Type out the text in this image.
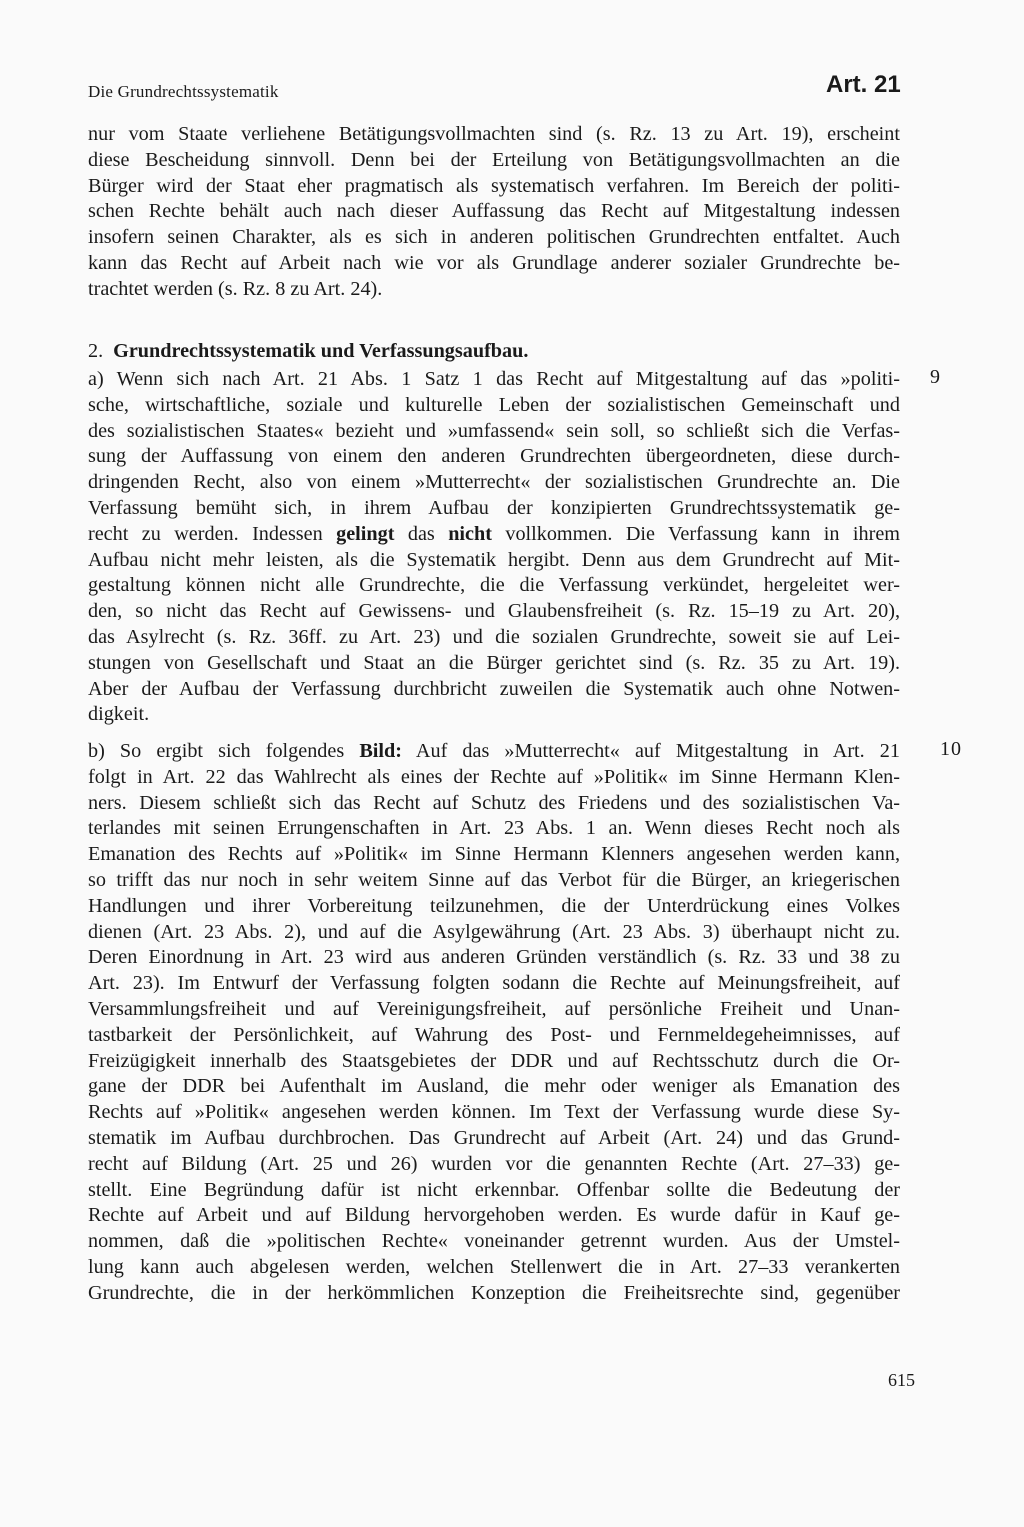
Die Grundrechtssystematik	Art. 21
nur vom Staate verliehene Betätigungsvollmachten sind (s. Rz. 13 zu Art. 19), erscheint
diese Bescheidung sinnvoll. Denn bei der Erteilung von Betätigungsvollmachten an die
Bürger wird der Staat eher pragmatisch als systematisch verfahren. Im Bereich der politi-
schen Rechte behält auch nach dieser Auffassung das Recht auf Mitgestaltung indessen
insofern seinen Charakter, als es sich in anderen politischen Grundrechten entfaltet. Auch
kann das Recht auf Arbeit nach wie vor als Grundlage anderer sozialer Grundrechte be-
trachtet werden (s. Rz. 8 zu Art. 24).
2. Grundrechtssystematik und Verfassungsaufbau.
9
10
a) Wenn sich nach Art. 21 Abs. 1 Satz 1 das Recht auf Mitgestaltung auf das »politi-
sche, wirtschaftliche, soziale und kulturelle Leben der sozialistischen Gemeinschaft und
des sozialistischen Staates« bezieht und »umfassend« sein soll, so schließt sich die Verfas-
sung der Auffassung von einem den anderen Grundrechten übergeordneten, diese durch-
dringenden Recht, also von einem »Mutterrecht« der sozialistischen Grundrechte an. Die
Verfassung bemüht sich, in ihrem Aufbau der konzipierten Grundrechtssystematik ge-
recht zu werden. Indessen gelingt das nicht vollkommen. Die Verfassung kann in ihrem
Aufbau nicht mehr leisten, als die Systematik hergibt. Denn aus dem Grundrecht auf Mit-
gestaltung können nicht alle Grundrechte, die die Verfassung verkündet, hergeleitet wer-
den, so nicht das Recht auf Gewissens- und Glaubensfreiheit (s. Rz. 15–19 zu Art. 20),
das Asylrecht (s. Rz. 36ff. zu Art. 23) und die sozialen Grundrechte, soweit sie auf Lei-
stungen von Gesellschaft und Staat an die Bürger gerichtet sind (s. Rz. 35 zu Art. 19).
Aber der Aufbau der Verfassung durchbricht zuweilen die Systematik auch ohne Notwen-
digkeit.
b) So ergibt sich folgendes Bild: Auf das »Mutterrecht« auf Mitgestaltung in Art. 21
folgt in Art. 22 das Wahlrecht als eines der Rechte auf »Politik« im Sinne Hermann Klen-
ners. Diesem schließt sich das Recht auf Schutz des Friedens und des sozialistischen Va-
terlandes mit seinen Errungenschaften in Art. 23 Abs. 1 an. Wenn dieses Recht noch als
Emanation des Rechts auf »Politik« im Sinne Hermann Klenners angesehen werden kann,
so trifft das nur noch in sehr weitem Sinne auf das Verbot für die Bürger, an kriegerischen
Handlungen und ihrer Vorbereitung teilzunehmen, die der Unterdrückung eines Volkes
dienen (Art. 23 Abs. 2), und auf die Asylgewährung (Art. 23 Abs. 3) überhaupt nicht zu.
Deren Einordnung in Art. 23 wird aus anderen Gründen verständlich (s. Rz. 33 und 38 zu
Art. 23). Im Entwurf der Verfassung folgten sodann die Rechte auf Meinungsfreiheit, auf
Versammlungsfreiheit und auf Vereinigungsfreiheit, auf persönliche Freiheit und Unan-
tastbarkeit der Persönlichkeit, auf Wahrung des Post- und Fernmeldegeheimnisses, auf
Freizügigkeit innerhalb des Staatsgebietes der DDR und auf Rechtsschutz durch die Or-
gane der DDR bei Aufenthalt im Ausland, die mehr oder weniger als Emanation des
Rechts auf »Politik« angesehen werden können. Im Text der Verfassung wurde diese Sy-
stematik im Aufbau durchbrochen. Das Grundrecht auf Arbeit (Art. 24) und das Grund-
recht auf Bildung (Art. 25 und 26) wurden vor die genannten Rechte (Art. 27–33) ge-
stellt. Eine Begründung dafür ist nicht erkennbar. Offenbar sollte die Bedeutung der
Rechte auf Arbeit und auf Bildung hervorgehoben werden. Es wurde dafür in Kauf ge-
nommen, daß die »politischen Rechte« voneinander getrennt wurden. Aus der Umstel-
lung kann auch abgelesen werden, welchen Stellenwert die in Art. 27–33 verankerten
Grundrechte, die in der herkömmlichen Konzeption die Freiheitsrechte sind, gegenüber
615
